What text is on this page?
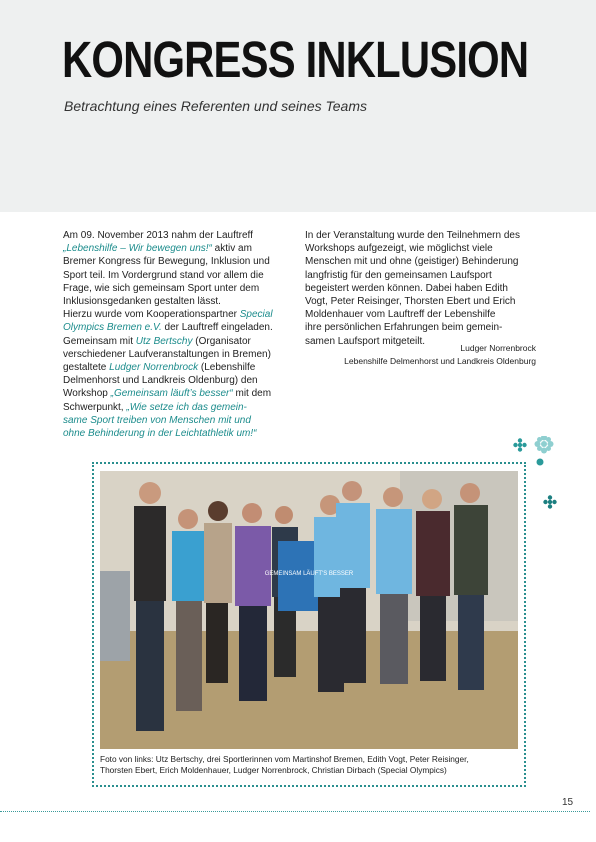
KONGRESS INKLUSION
Betrachtung eines Referenten und seines Teams

Am 09. November 2013 nahm der Lauftreff

„Lebenshilfe – Wir bewegen uns!“ aktiv am

Bremer Kongress für Bewegung, Inklusion und

Sport teil. Im Vordergrund stand vor allem die

Frage, wie sich gemeinsam Sport unter dem

Inklusionsgedanken gestalten lässt.

Hierzu wurde vom Kooperationspartner Special

Olympics Bremen e.V. der Lauftreff eingeladen.

Gemeinsam mit Utz Bertschy (Organisator

verschiedener Laufveranstaltungen in Bremen)

gestaltete Ludger Norrenbrock (Lebenshilfe

Delmenhorst und Landkreis Oldenburg) den

Workshop „Gemeinsam läuft’s besser“ mit dem

Schwerpunkt, „Wie setze ich das gemein-

same Sport treiben von Menschen mit und

ohne Behinderung in der Leichtathletik um!“

In der Veranstaltung wurde den Teilnehmern des

Workshops aufgezeigt, wie möglichst viele

Menschen mit und ohne (geistiger) Behinderung

langfristig für den gemeinsamen Laufsport

begeistert werden können. Dabei haben Edith

Vogt, Peter Reisinger, Thorsten Ebert und Erich

Moldenhauer vom Lauftreff der Lebenshilfe

ihre persönlichen Erfahrungen beim gemein-

samen Laufsport mitgeteilt.

Ludger Norrenbrock
Lebenshilfe Delmenhorst und Landkreis Oldenburg
GEMEINSAM LÄUFT'S BESSER
Foto von links: Utz Bertschy, drei Sportlerinnen vom Martinshof Bremen, Edith Vogt, Peter Reisinger,
Thorsten Ebert, Erich Moldenhauer, Ludger Norrenbrock, Christian Dirbach (Special Olympics)
15
